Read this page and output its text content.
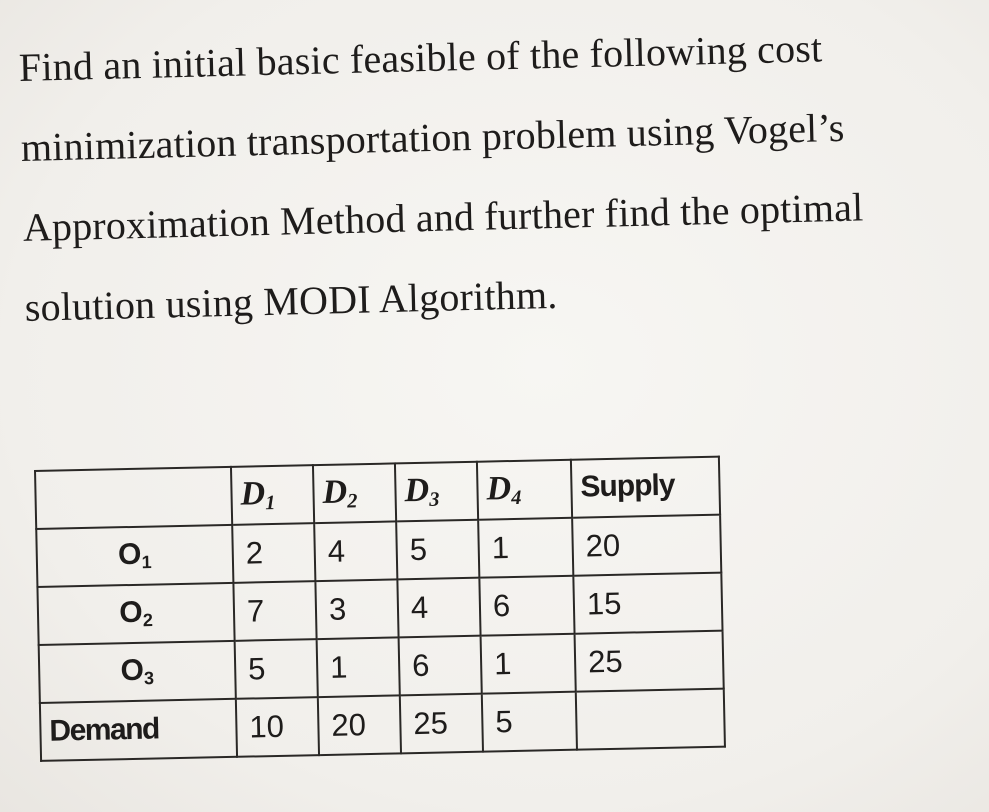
Find an initial basic feasible of the following cost
minimization transportation problem using Vogel’s
Approximation Method and further find the optimal
solution using MODI Algorithm.
	$D_1$	$D_2$	$D_3$	$D_4$	Supply
$O_1$	2	4	5	1	20
$O_2$	7	3	4	6	15
$O_3$	5	1	6	1	25
Demand	10	20	25	5	
